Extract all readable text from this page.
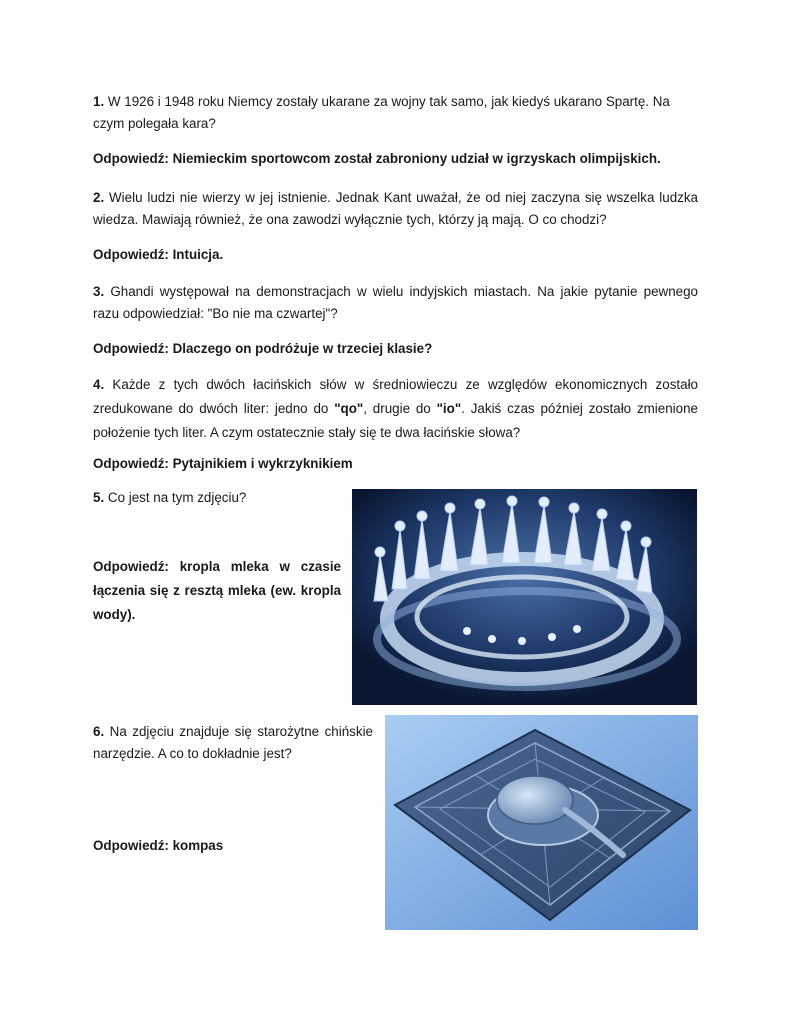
1. W 1926 i 1948 roku Niemcy zostały ukarane za wojny tak samo, jak kiedyś ukarano Spartę. Na czym polegała kara?

Odpowiedź: Niemieckim sportowcom został zabroniony udział w igrzyskach olimpijskich.

2. Wielu ludzi nie wierzy w jej istnienie. Jednak Kant uważał, że od niej zaczyna się wszelka ludzka wiedza. Mawiają również, że ona zawodzi wyłącznie tych, którzy ją mają. O co chodzi?

Odpowiedź: Intuicja.

3. Ghandi występował na demonstracjach w wielu indyjskich miastach. Na jakie pytanie pewnego razu odpowiedział: "Bo nie ma czwartej"?

Odpowiedź: Dlaczego on podróżuje w trzeciej klasie?

4. Każde z tych dwóch łacińskich słów w średniowieczu ze względów ekonomicznych zostało zredukowane do dwóch liter: jedno do "qo", drugie do "io". Jakiś czas później zostało zmienione położenie tych liter. A czym ostatecznie stały się te dwa łacińskie słowa?

Odpowiedź: Pytajnikiem i wykrzyknikiem

5. Co jest na tym zdjęciu?

Odpowiedź: kropla mleka w czasie łączenia się z resztą mleka (ew. kropla wody).

6. Na zdjęciu znajduje się starożytne chińskie narzędzie. A co to dokładnie jest?

Odpowiedź: kompas
